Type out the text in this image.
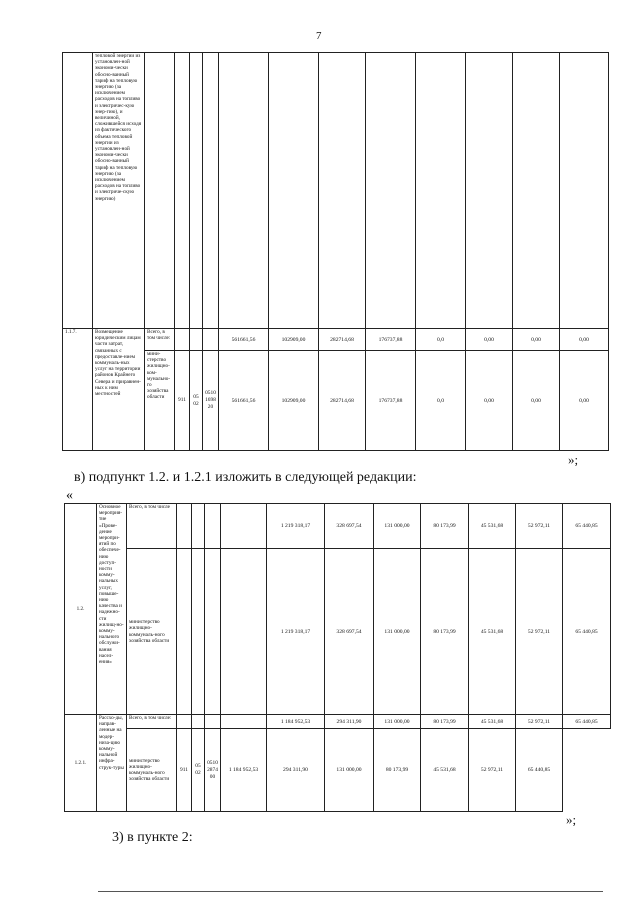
7
	тепловой энергии из установлен-ной экономи-чески обосно-ванный тариф на тепловую энергию (за исключением расходов на топливо и электричес-кую энер-гию), и величиной, сложившейся исходя из фактического объема тепловой энергии из установлен-ной экономи-чески обосно-ванный тариф на тепловую энергию (за исключением расходов на топливо и электриче-скую энергию)												
1.1.7.	Возмещение юридическим лицам части затрат, связанных с предоставле-нием коммуналь-ных услуг на территории районов Крайнего Севера и приравнен-ных к ним местностей	Всего, в том числе:				561661,56	102909,00	282714,68	176737,88	0,0	0,00	0,00	0,00
		мини-стерство жилищно-ком-мунально-го хозяйства области	911	0502	0510169820	561661,56	102909,00	282714,68	176737,88	0,0	0,00	0,00	0,00
»;
в) подпункт 1.2. и 1.2.1 изложить в следующей редакции:
«
1.2.	Основное мероприя-тие «Прове-дение меропри-ятий по обеспече-нию доступ-ности комму-нальных услуг, повыше-нию качества и надежно-сти жилищ-но-комму-нального обслужи-вания насел-ения»	Всего, в том числе					1 219 318,17	328 697,54	131 000,00	80 173,99	45 531,68	52 972,11	65 440,85
		министерство жилищно-коммуналь-ного хозяйства области					1 219 318,17	328 697,54	131 000,00	80 173,99	45 531,68	52 972,11	65 440,85
1.2.1.	Рассхо-ды, направ-ленные на модер-низа-цию комму-нальной инфра-струк-туры	Всего, в том числе:					1 184 952,53	294 311,90	131 000,00	80 173,99	45 531,68	52 972,11	65 440,85
		министерство жилищно-коммуналь-ного хозяйства области	911	0502	0510287400	1 184 952,53	294 311,90	131 000,00	80 173,99	45 531,68	52 972,11	65 440,85	
»;
3) в пункте 2:
